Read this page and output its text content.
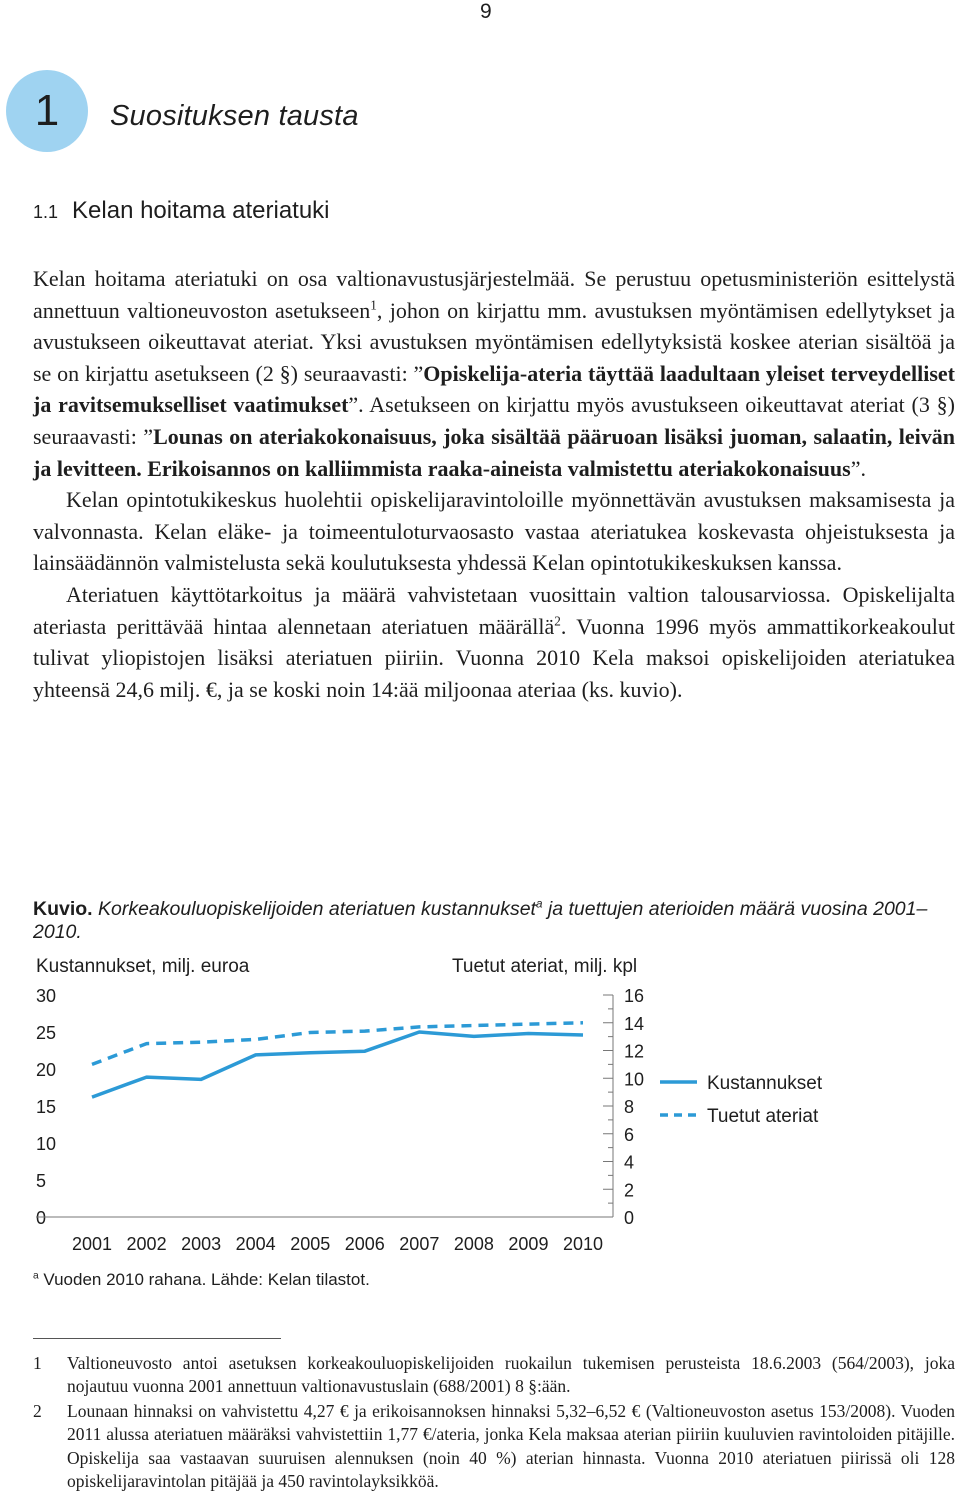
9
1 Suosituksen tausta
1.1 Kelan hoitama ateriatuki

Kelan hoitama ateriatuki on osa valtionavustusjärjestelmää. Se perustuu opetusministeriön esittelystä annettuun valtioneuvoston asetukseen$^1$, johon on kirjattu mm. avustuksen myöntämisen edellytykset ja avustukseen oikeuttavat ateriat. Yksi avustuksen myöntämisen edellytyksistä koskee aterian sisältöä ja se on kirjattu asetukseen (2 §) seuraavasti: ”Opiskelija-ateria täyttää laadultaan yleiset terveydelliset ja ravitsemukselliset vaatimukset”. Asetukseen on kirjattu myös avustukseen oikeuttavat ateriat (3 §) seuraavasti: ”Lounas on ateriakokonaisuus, joka sisältää pääruoan lisäksi juoman, salaatin, leivän ja levitteen. Erikoisannos on kalliimmista raaka-aineista valmistettu ateriakokonaisuus”.

Kelan opintotukikeskus huolehtii opiskelijaravintoloille myönnettävän avustuksen maksamisesta ja valvonnasta. Kelan eläke- ja toimeentuloturvaosasto vastaa ateriatukea koskevasta ohjeistuksesta ja lainsäädännön valmistelusta sekä koulutuksesta yhdessä Kelan opintotukikeskuksen kanssa.

Ateriatuen käyttötarkoitus ja määrä vahvistetaan vuosittain valtion talousarviossa. Opiskelijalta ateriasta perittävää hintaa alennetaan ateriatuen määrällä$^2$. Vuonna 1996 myös ammattikorkeakoulut tulivat yliopistojen lisäksi ateriatuen piiriin. Vuonna 2010 Kela maksoi opiskelijoiden ateriatukea yhteensä 24,6 milj. €, ja se koski noin 14:ää miljoonaa ateriaa (ks. kuvio).

Kuvio. Korkeakouluopiskelijoiden ateriatuen kustannukset$^a$ ja tuettujen aterioiden määrä vuosina 2001–2010.
Kustannukset, milj. euroa	Tuetut ateriat, milj. kpl
0
5
10
15
20
25
30
0
2
4
6
8
10
12
14
16
2001 2002 2003 2004 2005 2006 2007 2008 2009 2010
Kustannukset
Tuetut ateriat
$^a$ Vuoden 2010 rahana. Lähde: Kelan tilastot.
1 Valtioneuvosto antoi asetuksen korkeakouluopiskelijoiden ruokailun tukemisen perusteista 18.6.2003 (564/2003), joka nojautuu vuonna 2001 annettuun valtionavustuslain (688/2001) 8 §:ään.
2 Lounaan hinnaksi on vahvistettu 4,27 € ja erikoisannoksen hinnaksi 5,32–6,52 € (Valtioneuvoston asetus 153/2008). Vuoden 2011 alussa ateriatuen määräksi vahvistettiin 1,77 €/ateria, jonka Kela maksaa aterian piiriin kuuluvien ravintoloiden pitäjille. Opiskelija saa vastaavan suuruisen alennuksen (noin 40 %) aterian hinnasta. Vuonna 2010 ateriatuen piirissä oli 128 opiskelijaravintolan pitäjää ja 450 ravintolayksikköä.
